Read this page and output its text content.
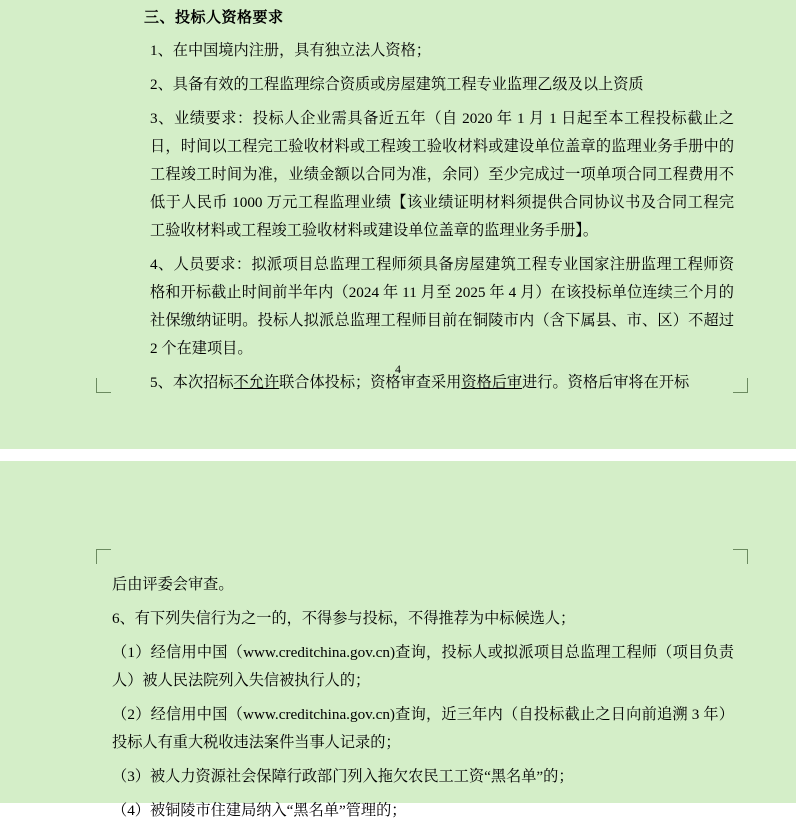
三、投标人资格要求

1、在中国境内注册，具有独立法人资格；

2、具备有效的工程监理综合资质或房屋建筑工程专业监理乙级及以上资质

3、业绩要求：投标人企业需具备近五年（自 2020 年 1 月 1 日起至本工程投标截止之日，时间以工程完工验收材料或工程竣工验收材料或建设单位盖章的监理业务手册中的工程竣工时间为准，业绩金额以合同为准，余同）至少完成过一项单项合同工程费用不低于人民币 1000 万元工程监理业绩【该业绩证明材料须提供合同协议书及合同工程完工验收材料或工程竣工验收材料或建设单位盖章的监理业务手册】。

4、人员要求：拟派项目总监理工程师须具备房屋建筑工程专业国家注册监理工程师资格和开标截止时间前半年内（2024 年 11 月至 2025 年 4 月）在该投标单位连续三个月的社保缴纳证明。投标人拟派总监理工程师目前在铜陵市内（含下属县、市、区）不超过 2 个在建项目。

5、本次招标不允许联合体投标；资格审查采用资格后审进行。资格后审将在开标

4

后由评委会审查。

6、有下列失信行为之一的，不得参与投标，不得推荐为中标候选人；

（1）经信用中国（www.creditchina.gov.cn)查询，投标人或拟派项目总监理工程师（项目负责人）被人民法院列入失信被执行人的；

（2）经信用中国（www.creditchina.gov.cn)查询，近三年内（自投标截止之日向前追溯 3 年）投标人有重大税收违法案件当事人记录的；

（3）被人力资源社会保障行政部门列入拖欠农民工工资“黑名单”的；

（4）被铜陵市住建局纳入“黑名单”管理的；
